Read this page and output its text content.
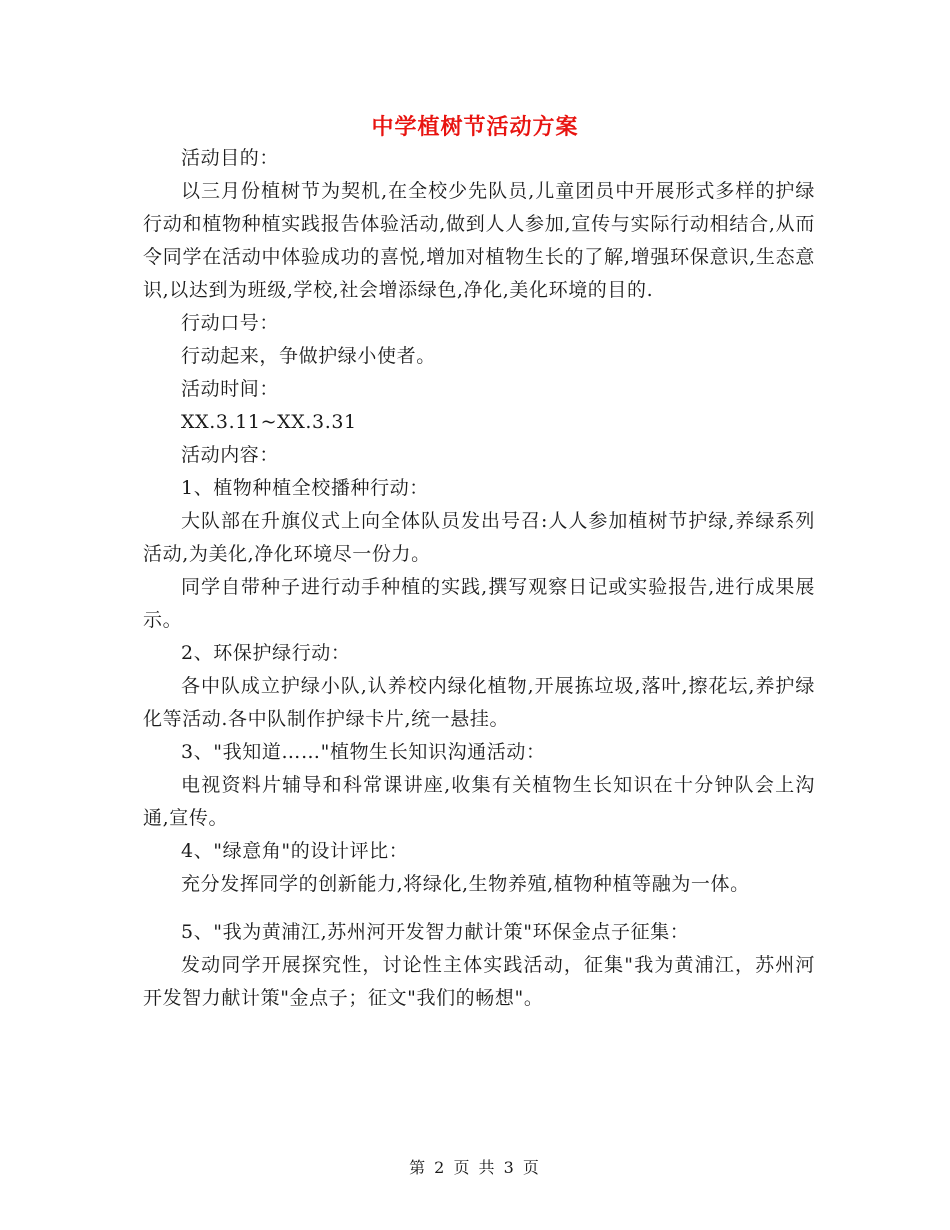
中学植树节活动方案

活动目的：

以三月份植树节为契机,在全校少先队员,儿童团员中开展形式多样的护绿行动和植物种植实践报告体验活动,做到人人参加,宣传与实际行动相结合,从而令同学在活动中体验成功的喜悦,增加对植物生长的了解,增强环保意识,生态意识,以达到为班级,学校,社会增添绿色,净化,美化环境的目的.

行动口号：

行动起来，争做护绿小使者。

活动时间：

XX.3.11~XX.3.31

活动内容：

1、植物种植全校播种行动：

大队部在升旗仪式上向全体队员发出号召:人人参加植树节护绿,养绿系列活动,为美化,净化环境尽一份力。

同学自带种子进行动手种植的实践,撰写观察日记或实验报告,进行成果展示。

2、环保护绿行动：

各中队成立护绿小队,认养校内绿化植物,开展拣垃圾,落叶,擦花坛,养护绿化等活动.各中队制作护绿卡片,统一悬挂。

3、"我知道……"植物生长知识沟通活动：

电视资料片辅导和科常课讲座,收集有关植物生长知识在十分钟队会上沟通,宣传。

4、"绿意角"的设计评比：

充分发挥同学的创新能力,将绿化,生物养殖,植物种植等融为一体。

5、"我为黄浦江,苏州河开发智力献计策"环保金点子征集：

发动同学开展探究性，讨论性主体实践活动，征集"我为黄浦江，苏州河开发智力献计策"金点子；征文"我们的畅想"。

第 2 页 共 3 页
